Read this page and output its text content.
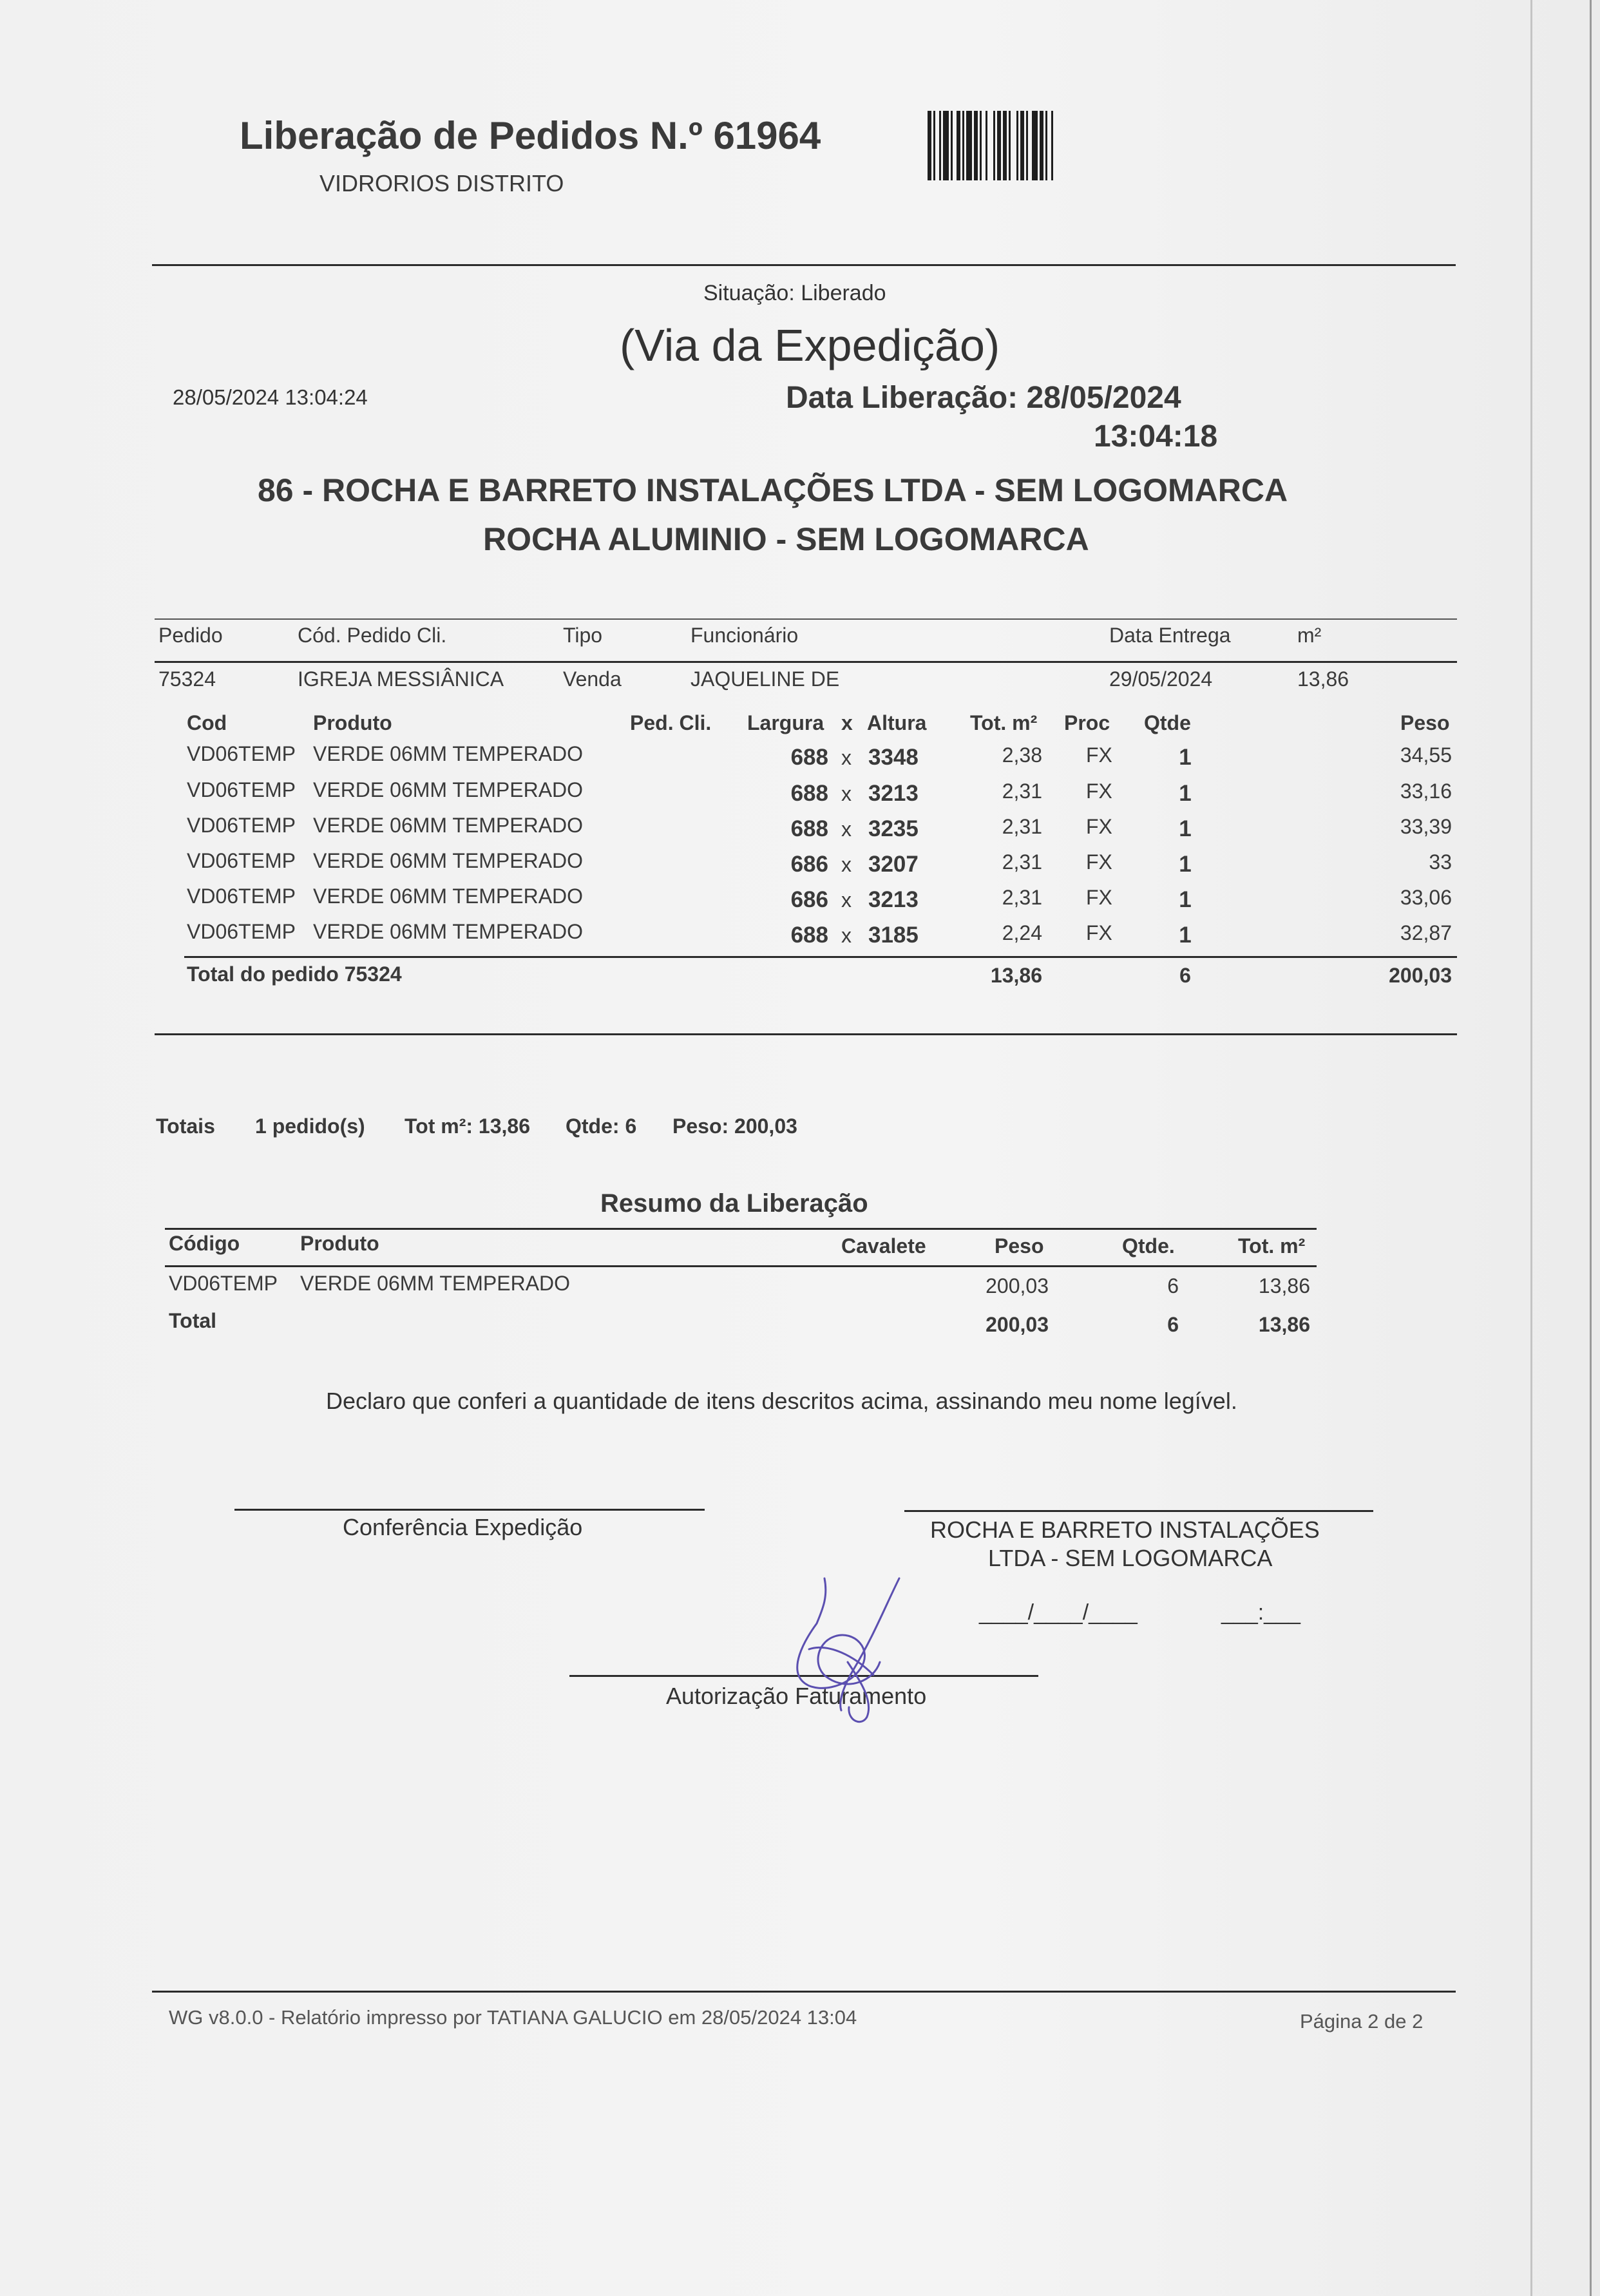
Liberação de Pedidos N.º 61964
VIDRORIOS DISTRITO
Situação: Liberado
(Via da Expedição)
28/05/2024 13:04:24	Data Liberação: 28/05/2024
13:04:18
86 - ROCHA E BARRETO INSTALAÇÕES LTDA - SEM LOGOMARCA
ROCHA ALUMINIO - SEM LOGOMARCA
Pedido	Cód. Pedido Cli.	Tipo	Funcionário	Data Entrega	m²
75324	IGREJA MESSIÂNICA	Venda	JAQUELINE DE	29/05/2024	13,86
Cod	Produto	Ped. Cli. Largura x Altura Tot. m² Proc Qtde	Peso
VD06TEMP VERDE 06MM TEMPERADO	688 x 3348	2,38 FX	1	34,55
VD06TEMP VERDE 06MM TEMPERADO	688 x 3213	2,31 FX	1	33,16
VD06TEMP VERDE 06MM TEMPERADO	688 x 3235	2,31 FX	1	33,39
VD06TEMP VERDE 06MM TEMPERADO	686 x 3207	2,31 FX	1	33
VD06TEMP VERDE 06MM TEMPERADO	686 x 3213	2,31 FX	1	33,06
VD06TEMP VERDE 06MM TEMPERADO	688 x 3185	2,24 FX	1	32,87
Total do pedido 75324	13,86	6	200,03
Totais 1 pedido(s) Tot m²: 13,86 Qtde: 6 Peso: 200,03
Resumo da Liberação
Código	Produto	Cavalete	Peso	Qtde.	Tot. m²
VD06TEMP VERDE 06MM TEMPERADO	200,03	6	13,86
Total	200,03	6	13,86
Declaro que conferi a quantidade de itens descritos acima, assinando meu nome legível.
Conferência Expedição	ROCHA E BARRETO INSTALAÇÕES
LTDA - SEM LOGOMARCA
____/____/____	___:___
Autorização Faturamento
WG v8.0.0 - Relatório impresso por TATIANA GALUCIO em 28/05/2024 13:04	Página 2 de 2
